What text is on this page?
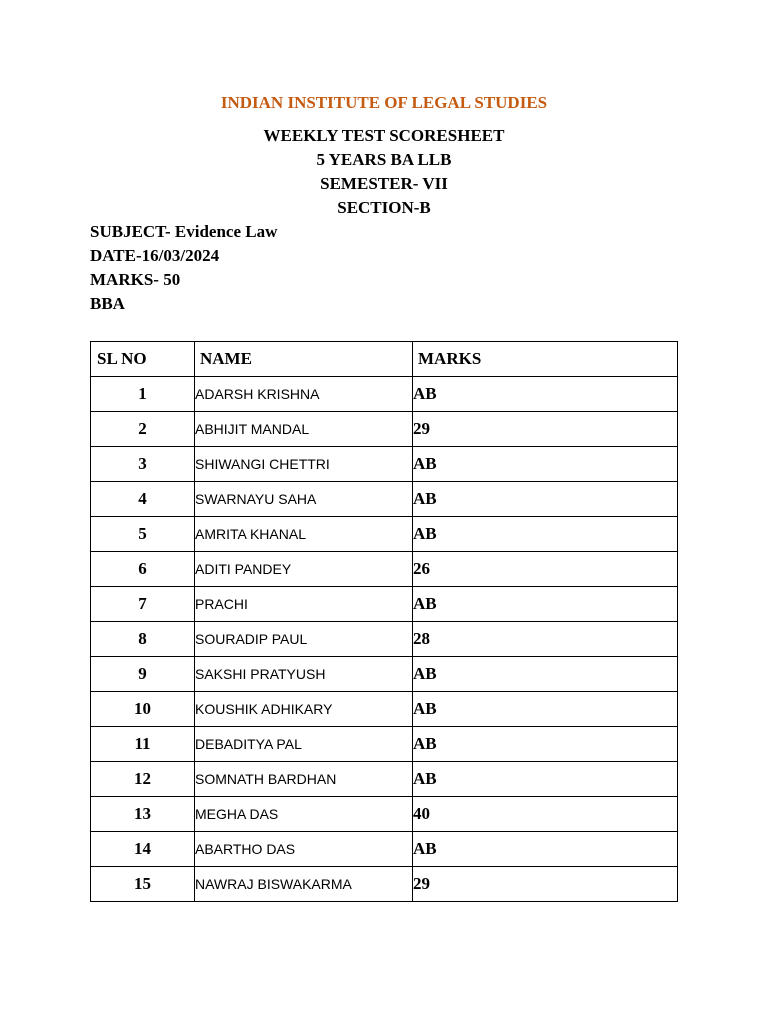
INDIAN INSTITUTE OF LEGAL STUDIES
WEEKLY TEST SCORESHEET
5 YEARS BA LLB
SEMESTER- VII
SECTION-B
SUBJECT- Evidence Law
DATE-16/03/2024
MARKS- 50
BBA
SL NO	NAME	MARKS
1	ADARSH KRISHNA	AB
2	ABHIJIT MANDAL	29
3	SHIWANGI CHETTRI	AB
4	SWARNAYU SAHA	AB
5	AMRITA KHANAL	AB
6	ADITI PANDEY	26
7	PRACHI	AB
8	SOURADIP PAUL	28
9	SAKSHI PRATYUSH	AB
10	KOUSHIK ADHIKARY	AB
11	DEBADITYA PAL	AB
12	SOMNATH BARDHAN	AB
13	MEGHA DAS	40
14	ABARTHO DAS	AB
15	NAWRAJ BISWAKARMA	29
